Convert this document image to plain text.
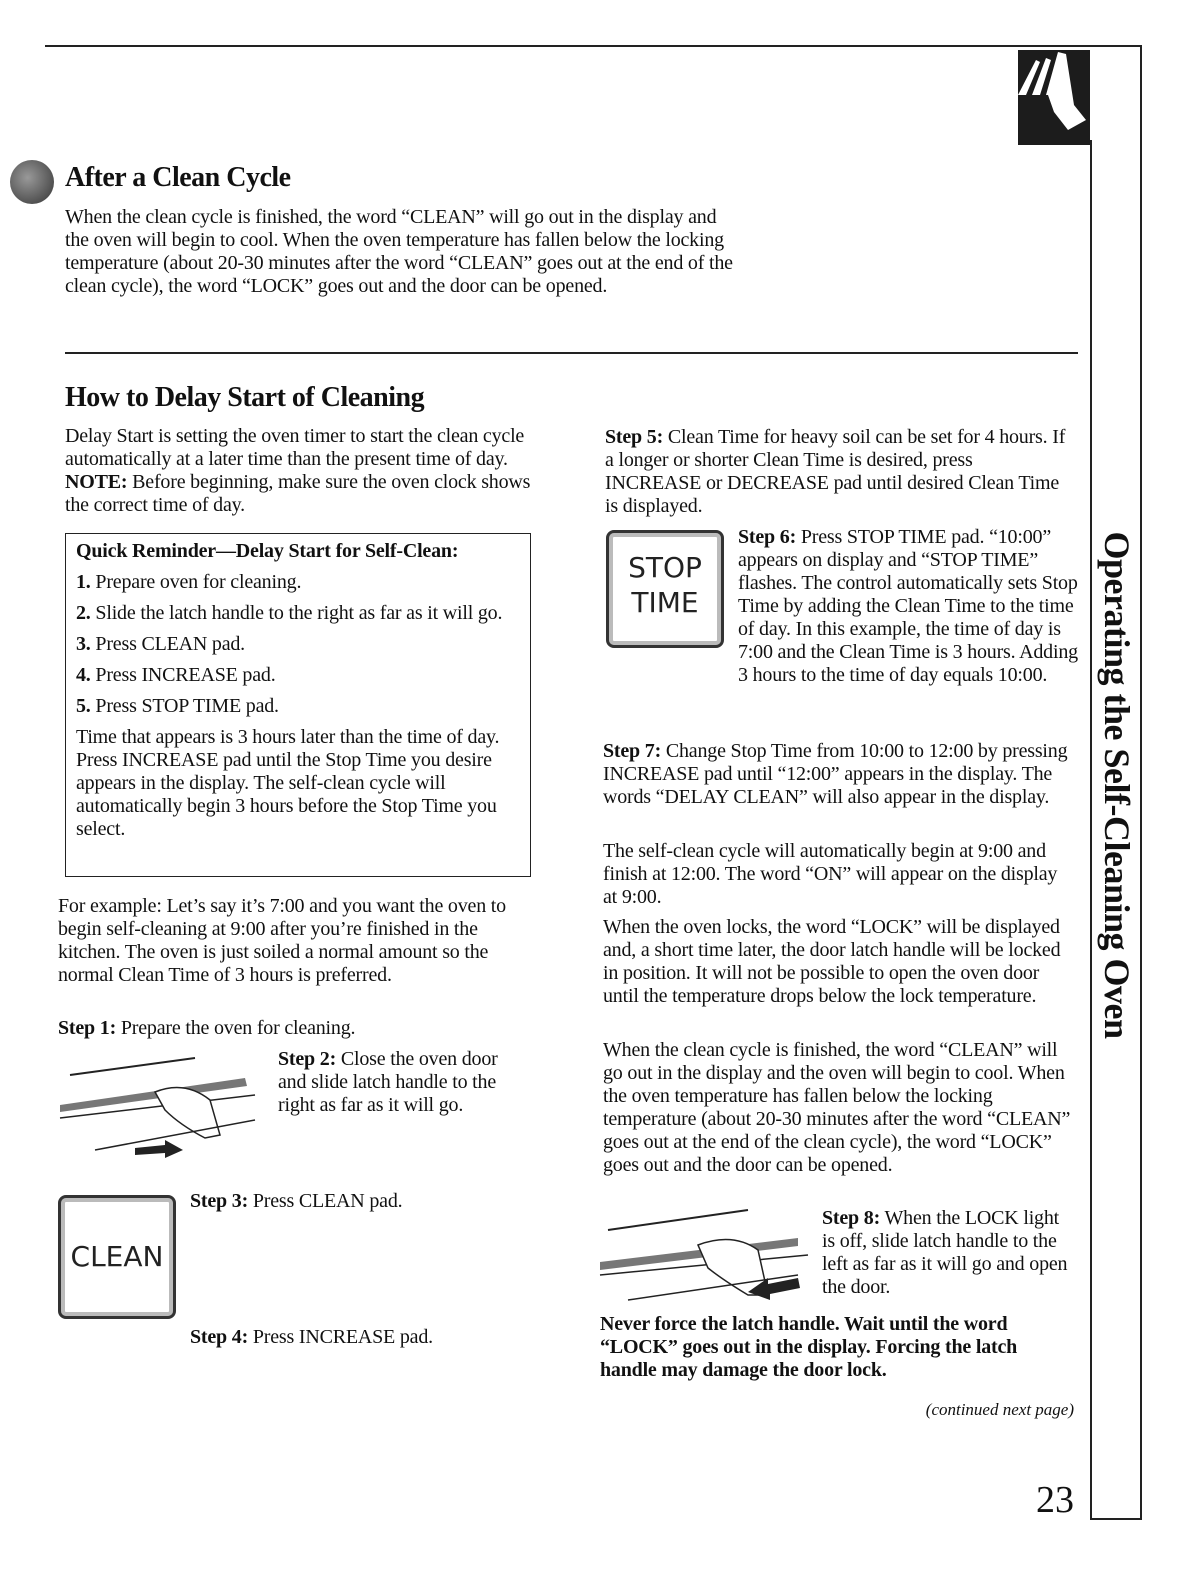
Operating the Self-Cleaning Oven
After a Clean Cycle

When the clean cycle is finished, the word “CLEAN” will go out in the display and the oven will begin to cool. When the oven temperature has fallen below the locking temperature (about 20-30 minutes after the word “CLEAN” goes out at the end of the clean cycle), the word “LOCK” goes out and the door can be opened.

How to Delay Start of Cleaning

Delay Start is setting the oven timer to start the clean cycle automatically at a later time than the present time of day. NOTE: Before beginning, make sure the oven clock shows the correct time of day.

Quick Reminder—Delay Start for Self-Clean:

1. Prepare oven for cleaning.

2. Slide the latch handle to the right as far as it will go.

3. Press CLEAN pad.

4. Press INCREASE pad.

5. Press STOP TIME pad.

Time that appears is 3 hours later than the time of day. Press INCREASE pad until the Stop Time you desire appears in the display. The self-clean cycle will automatically begin 3 hours before the Stop Time you select.

For example: Let’s say it’s 7:00 and you want the oven to begin self-cleaning at 9:00 after you’re finished in the kitchen. The oven is just soiled a normal amount so the normal Clean Time of 3 hours is preferred.

Step 1: Prepare the oven for cleaning.

Step 2: Close the oven door and slide latch handle to the right as far as it will go.

CLEAN

Step 3: Press CLEAN pad.

Step 4: Press INCREASE pad.

Step 5: Clean Time for heavy soil can be set for 4 hours. If a longer or shorter Clean Time is desired, press INCREASE or DECREASE pad until desired Clean Time is displayed.

STOP
TIME

Step 6: Press STOP TIME pad. “10:00” appears on display and “STOP TIME” flashes. The control automatically sets Stop Time by adding the Clean Time to the time of day. In this example, the time of day is 7:00 and the Clean Time is 3 hours. Adding 3 hours to the time of day equals 10:00.

Step 7: Change Stop Time from 10:00 to 12:00 by pressing INCREASE pad until “12:00” appears in the display. The words “DELAY CLEAN” will also appear in the display.

The self-clean cycle will automatically begin at 9:00 and finish at 12:00. The word “ON” will appear on the display at 9:00.

When the oven locks, the word “LOCK” will be displayed and, a short time later, the door latch handle will be locked in position. It will not be possible to open the oven door until the temperature drops below the lock temperature.

When the clean cycle is finished, the word “CLEAN” will go out in the display and the oven will begin to cool. When the oven temperature has fallen below the locking temperature (about 20-30 minutes after the word “CLEAN” goes out at the end of the clean cycle), the word “LOCK” goes out and the door can be opened.

Step 8: When the LOCK light is off, slide latch handle to the left as far as it will go and open the door.

Never force the latch handle. Wait until the word “LOCK” goes out in the display. Forcing the latch handle may damage the door lock.

(continued next page)

23
